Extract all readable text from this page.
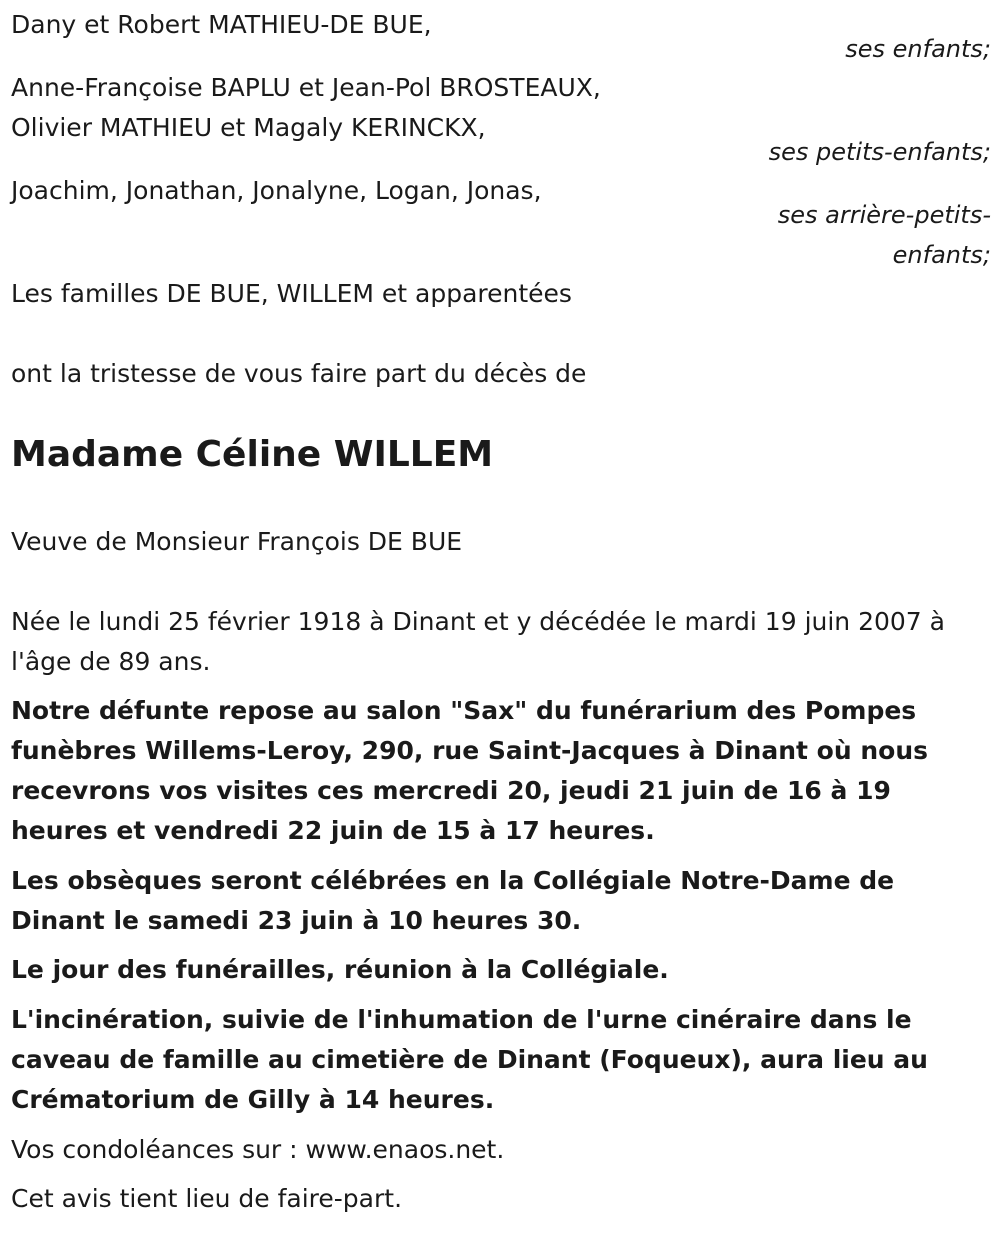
Dany et Robert MATHIEU-DE BUE,
ses enfants;
Anne-Françoise BAPLU et Jean-Pol BROSTEAUX,
Olivier MATHIEU et Magaly KERINCKX,
ses petits-enfants;
Joachim, Jonathan, Jonalyne, Logan, Jonas,
ses arrière-petits-
enfants;
Les familles DE BUE, WILLEM et apparentées
ont la tristesse de vous faire part du décès de
Madame Céline WILLEM
Veuve de Monsieur François DE BUE

Née le lundi 25 février 1918 à Dinant et y décédée le mardi 19 juin 2007 à l'âge de 89 ans.

Notre défunte repose au salon "Sax" du funérarium des Pompes funèbres Willems-Leroy, 290, rue Saint-Jacques à Dinant où nous recevrons vos visites ces mercredi 20, jeudi 21 juin de 16 à 19 heures et vendredi 22 juin de 15 à 17 heures.

Les obsèques seront célébrées en la Collégiale Notre-Dame de Dinant le samedi 23 juin à 10 heures 30.

Le jour des funérailles, réunion à la Collégiale.

L'incinération, suivie de l'inhumation de l'urne cinéraire dans le caveau de famille au cimetière de Dinant (Foqueux), aura lieu au Crématorium de Gilly à 14 heures.

Vos condoléances sur : www.enaos.net.

Cet avis tient lieu de faire-part.
